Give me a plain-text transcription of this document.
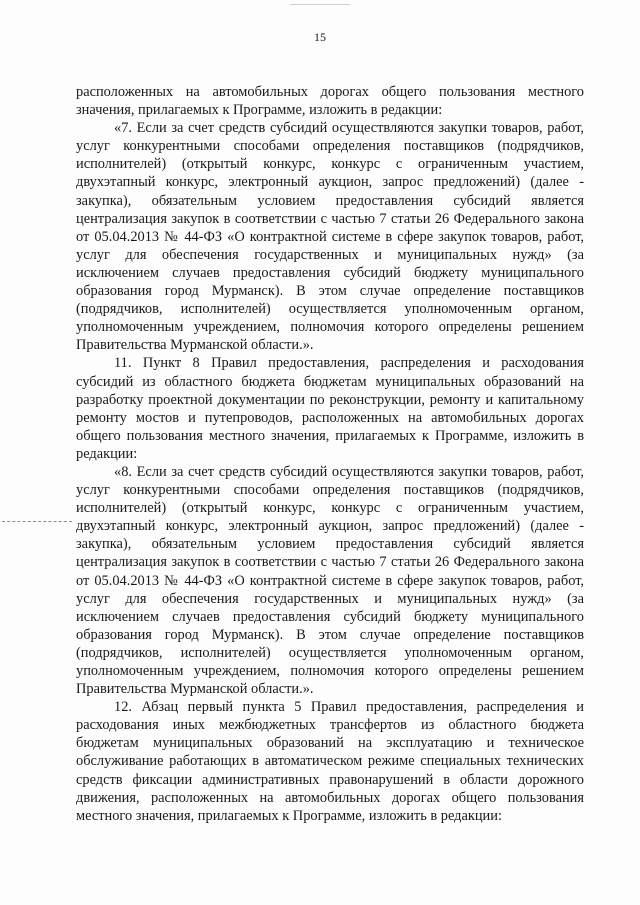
15

расположенных на автомобильных дорогах общего пользования местного значения, прилагаемых к Программе, изложить в редакции:

«7. Если за счет средств субсидий осуществляются закупки товаров, работ, услуг конкурентными способами определения поставщиков (подрядчиков, исполнителей) (открытый конкурс, конкурс с ограниченным участием, двухэтапный конкурс, электронный аукцион, запрос предложений) (далее - закупка), обязательным условием предоставления субсидий является централизация закупок в соответствии с частью 7 статьи 26 Федерального закона от 05.04.2013 № 44-ФЗ «О контрактной системе в сфере закупок товаров, работ, услуг для обеспечения государственных и муниципальных нужд» (за исключением случаев предоставления субсидий бюджету муниципального образования город Мурманск). В этом случае определение поставщиков (подрядчиков, исполнителей) осуществляется уполномоченным органом, уполномоченным учреждением, полномочия которого определены решением Правительства Мурманской области.».

11. Пункт 8 Правил предоставления, распределения и расходования субсидий из областного бюджета бюджетам муниципальных образований на разработку проектной документации по реконструкции, ремонту и капитальному ремонту мостов и путепроводов, расположенных на автомобильных дорогах общего пользования местного значения, прилагаемых к Программе, изложить в редакции:

«8. Если за счет средств субсидий осуществляются закупки товаров, работ, услуг конкурентными способами определения поставщиков (подрядчиков, исполнителей) (открытый конкурс, конкурс с ограниченным участием, двухэтапный конкурс, электронный аукцион, запрос предложений) (далее - закупка), обязательным условием предоставления субсидий является централизация закупок в соответствии с частью 7 статьи 26 Федерального закона от 05.04.2013 № 44-ФЗ «О контрактной системе в сфере закупок товаров, работ, услуг для обеспечения государственных и муниципальных нужд» (за исключением случаев предоставления субсидий бюджету муниципального образования город Мурманск). В этом случае определение поставщиков (подрядчиков, исполнителей) осуществляется уполномоченным органом, уполномоченным учреждением, полномочия которого определены решением Правительства Мурманской области.».

12. Абзац первый пункта 5 Правил предоставления, распределения и расходования иных межбюджетных трансфертов из областного бюджета бюджетам муниципальных образований на эксплуатацию и техническое обслуживание работающих в автоматическом режиме специальных технических средств фиксации административных правонарушений в области дорожного движения, расположенных на автомобильных дорогах общего пользования местного значения, прилагаемых к Программе, изложить в редакции:
